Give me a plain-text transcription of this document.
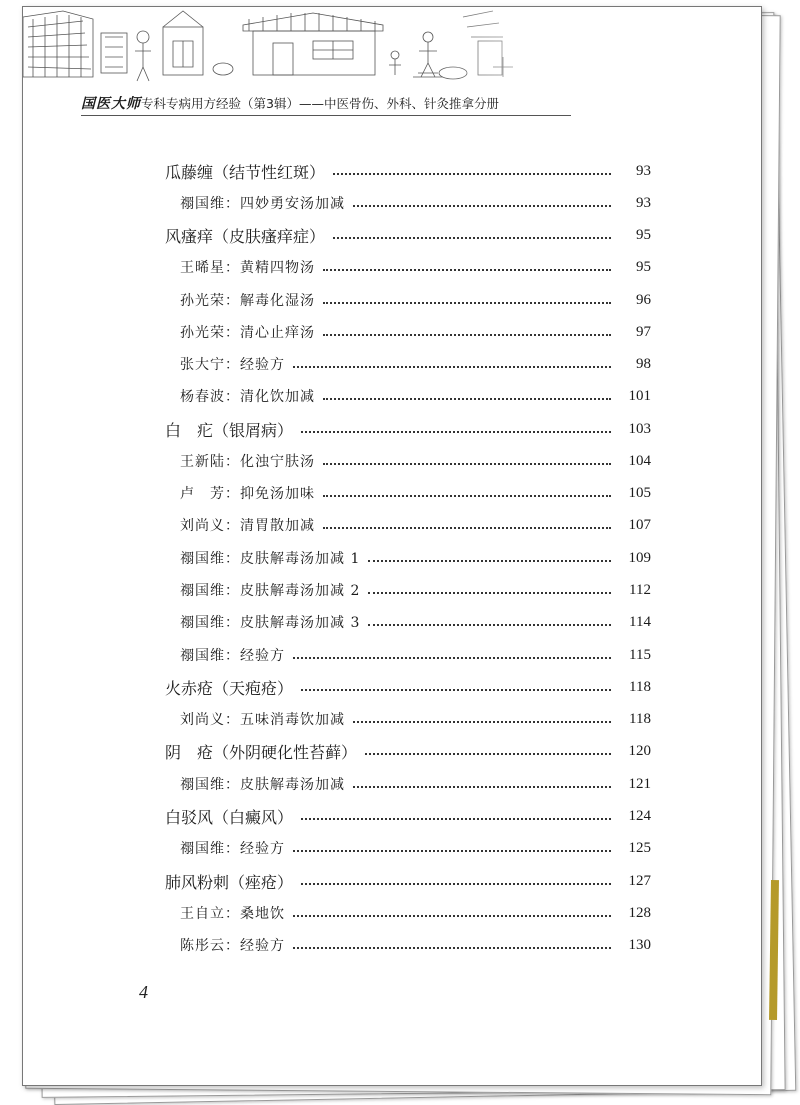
国医大师专科专病用方经验（第3辑）——中医骨伤、外科、针灸推拿分册
瓜藤缠（结节性红斑）	93
禤国维：四妙勇安汤加减	93
风瘙痒（皮肤瘙痒症）	95
王晞星：黄精四物汤	95
孙光荣：解毒化湿汤	96
孙光荣：清心止痒汤	97
张大宁：经验方	98
杨春波：清化饮加减	101
白　疕（银屑病）	103
王新陆：化浊宁肤汤	104
卢　芳：抑免汤加味	105
刘尚义：清胃散加减	107
禤国维：皮肤解毒汤加减 1	109
禤国维：皮肤解毒汤加减 2	112
禤国维：皮肤解毒汤加减 3	114
禤国维：经验方	115
火赤疮（天疱疮）	118
刘尚义：五味消毒饮加减	118
阴　疮（外阴硬化性苔藓）	120
禤国维：皮肤解毒汤加减	121
白驳风（白癜风）	124
禤国维：经验方	125
肺风粉刺（痤疮）	127
王自立：桑地饮	128
陈彤云：经验方	130
4
